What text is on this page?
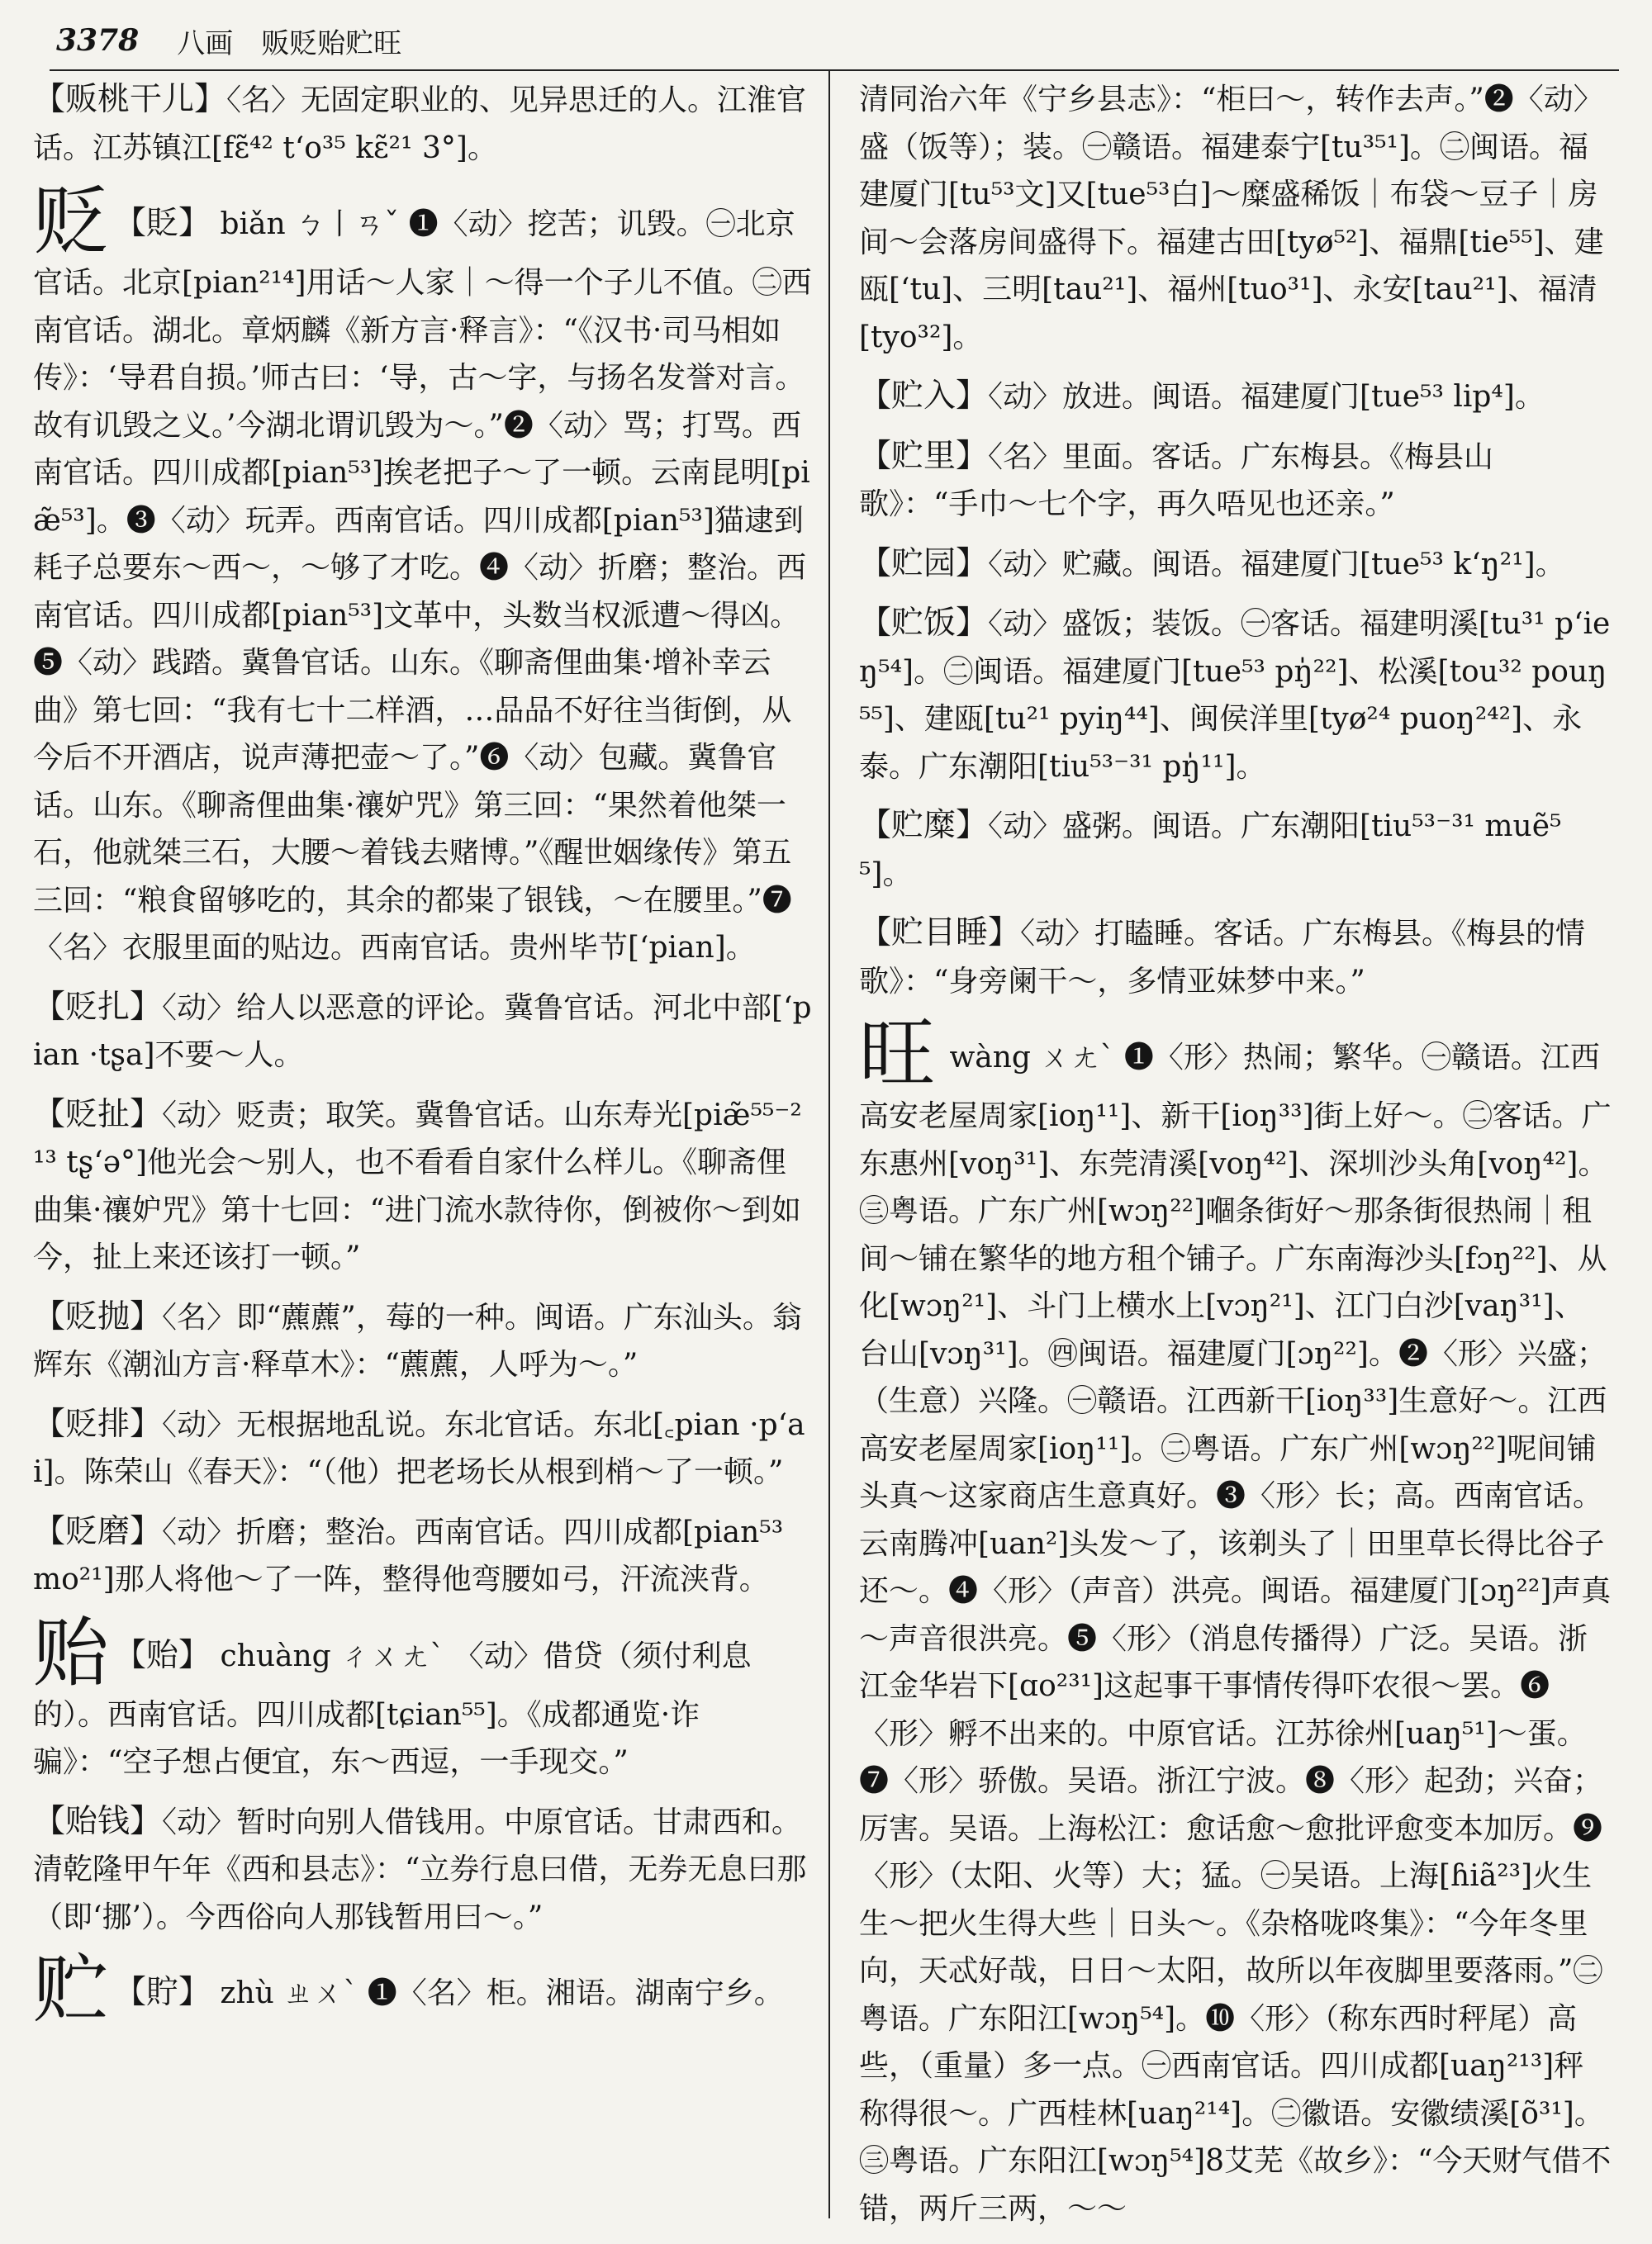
3378 八画 贩贬贻贮旺

【贩桃干儿】〈名〉无固定职业的、见异思迁的人。江淮官话。江苏镇江[fɛ̃⁴² tʻo³⁵ kɛ̃²¹ 3°]。

贬 【貶】 biǎn ㄅ丨ㄢˇ ❶〈动〉挖苦；讥毁。㊀北京官话。北京[pian²¹⁴]用话～人家｜～得一个子儿不值。㊁西南官话。湖北。章炳麟《新方言·释言》：“《汉书·司马相如传》：‘导君自损。’师古曰：‘导，古～字，与扬名发誉对言。故有讥毁之义。’今湖北谓讥毁为～。”❷〈动〉骂；打骂。西南官话。四川成都[pian⁵³]挨老把子～了一顿。云南昆明[piæ̃⁵³]。❸〈动〉玩弄。西南官话。四川成都[pian⁵³]猫逮到耗子总要东～西～，～够了才吃。❹〈动〉折磨；整治。西南官话。四川成都[pian⁵³]文革中，头数当权派遭～得凶。❺〈动〉践踏。冀鲁官话。山东。《聊斋俚曲集·增补幸云曲》第七回：“我有七十二样酒，…品品不好往当街倒，从今后不开酒店，说声薄把壶～了。”❻〈动〉包藏。冀鲁官话。山东。《聊斋俚曲集·禳妒咒》第三回：“果然着他桀一石，他就桀三石，大腰～着钱去赌博。”《醒世姻缘传》第五三回：“粮食留够吃的，其余的都粜了银钱，～在腰里。”❼〈名〉衣服里面的贴边。西南官话。贵州毕节[ʻpian]。

【贬扎】〈动〉给人以恶意的评论。冀鲁官话。河北中部[ʻpian ·tʂa]不要～人。

【贬扯】〈动〉贬责；取笑。冀鲁官话。山东寿光[piæ̃⁵⁵⁻²¹³ tʂʻə°]他光会～别人，也不看看自家什么样儿。《聊斋俚曲集·禳妒咒》第十七回：“进门流水款待你，倒被你～到如今，扯上来还该打一顿。”

【贬抛】〈名〉即“藨藨”，莓的一种。闽语。广东汕头。翁辉东《潮汕方言·释草木》：“藨藨，人呼为～。”

【贬排】〈动〉无根据地乱说。东北官话。东北[꜀pian ·pʻai]。陈荣山《春天》：“（他）把老场长从根到梢～了一顿。”

【贬磨】〈动〉折磨；整治。西南官话。四川成都[pian⁵³ mo²¹]那人将他～了一阵，整得他弯腰如弓，汗流浃背。

贻 【贻】 chuàng ㄔㄨㄤˋ 〈动〉借贷（须付利息的）。西南官话。四川成都[tɕian⁵⁵]。《成都通览·诈骗》：“空子想占便宜，东～西逗，一手现交。”

【贻钱】〈动〉暂时向别人借钱用。中原官话。甘肃西和。清乾隆甲午年《西和县志》：“立券行息曰借，无券无息曰那（即‘挪’）。今西俗向人那钱暂用曰～。”

贮 【貯】 zhù ㄓㄨˋ ❶〈名〉柜。湘语。湖南宁乡。

清同治六年《宁乡县志》：“柜曰～，转作去声。”❷〈动〉盛（饭等）；装。㊀赣语。福建泰宁[tu³⁵¹]。㊁闽语。福建厦门[tu⁵³文]又[tue⁵³白]～糜盛稀饭｜布袋～豆子｜房间～会落房间盛得下。福建古田[tyø⁵²]、福鼎[tie⁵⁵]、建瓯[ʻtu]、三明[tau²¹]、福州[tuo³¹]、永安[tau²¹]、福清[tyo³²]。

【贮入】〈动〉放进。闽语。福建厦门[tue⁵³ lip⁴]。

【贮里】〈名〉里面。客话。广东梅县。《梅县山歌》：“手巾～七个字，再久唔见也还亲。”

【贮园】〈动〉贮藏。闽语。福建厦门[tue⁵³ kʻŋ²¹]。

【贮饭】〈动〉盛饭；装饭。㊀客话。福建明溪[tu³¹ pʻieŋ⁵⁴]。㊁闽语。福建厦门[tue⁵³ pŋ̍²²]、松溪[tou³² pouŋ⁵⁵]、建瓯[tu²¹ pyiŋ⁴⁴]、闽侯洋里[tyø²⁴ puoŋ²⁴²]、永泰。广东潮阳[tiu⁵³⁻³¹ pŋ̍¹¹]。

【贮糜】〈动〉盛粥。闽语。广东潮阳[tiu⁵³⁻³¹ muẽ⁵⁵]。

【贮目睡】〈动〉打瞌睡。客话。广东梅县。《梅县的情歌》：“身旁阑干～，多情亚妹梦中来。”

旺 wàng ㄨㄤˋ ❶〈形〉热闹；繁华。㊀赣语。江西高安老屋周家[ioŋ¹¹]、新干[ioŋ³³]街上好～。㊁客话。广东惠州[voŋ³¹]、东莞清溪[voŋ⁴²]、深圳沙头角[voŋ⁴²]。㊂粤语。广东广州[wɔŋ²²]嗰条街好～那条街很热闹｜租间～铺在繁华的地方租个铺子。广东南海沙头[fɔŋ²²]、从化[wɔŋ²¹]、斗门上横水上[vɔŋ²¹]、江门白沙[vaŋ³¹]、台山[vɔŋ³¹]。㊃闽语。福建厦门[ɔŋ²²]。❷〈形〉兴盛；（生意）兴隆。㊀赣语。江西新干[ioŋ³³]生意好～。江西高安老屋周家[ioŋ¹¹]。㊁粤语。广东广州[wɔŋ²²]呢间铺头真～这家商店生意真好。❸〈形〉长；高。西南官话。云南腾冲[uan²]头发～了，该剃头了｜田里草长得比谷子还～。❹〈形〉（声音）洪亮。闽语。福建厦门[ɔŋ²²]声真～声音很洪亮。❺〈形〉（消息传播得）广泛。吴语。浙江金华岩下[ɑo²³¹]这起事干事情传得吓农很～罢。❻〈形〉孵不出来的。中原官话。江苏徐州[uaŋ⁵¹]～蛋。❼〈形〉骄傲。吴语。浙江宁波。❽〈形〉起劲；兴奋；厉害。吴语。上海松江：愈话愈～愈批评愈变本加厉。❾〈形〉（太阳、火等）大；猛。㊀吴语。上海[ɦiã²³]火生生～把火生得大些｜日头～。《杂格咙咚集》：“今年冬里向，天忒好哉，日日～太阳，故所以年夜脚里要落雨。”㊁粤语。广东阳江[wɔŋ⁵⁴]。❿〈形〉（称东西时秤尾）高些，（重量）多一点。㊀西南官话。四川成都[uaŋ²¹³]秤称得很～。广西桂林[uaŋ²¹⁴]。㊁徽语。安徽绩溪[õ³¹]。㊂粤语。广东阳江[wɔŋ⁵⁴]8艾芜《故乡》：“今天财气借不错，两斤三两，～～
